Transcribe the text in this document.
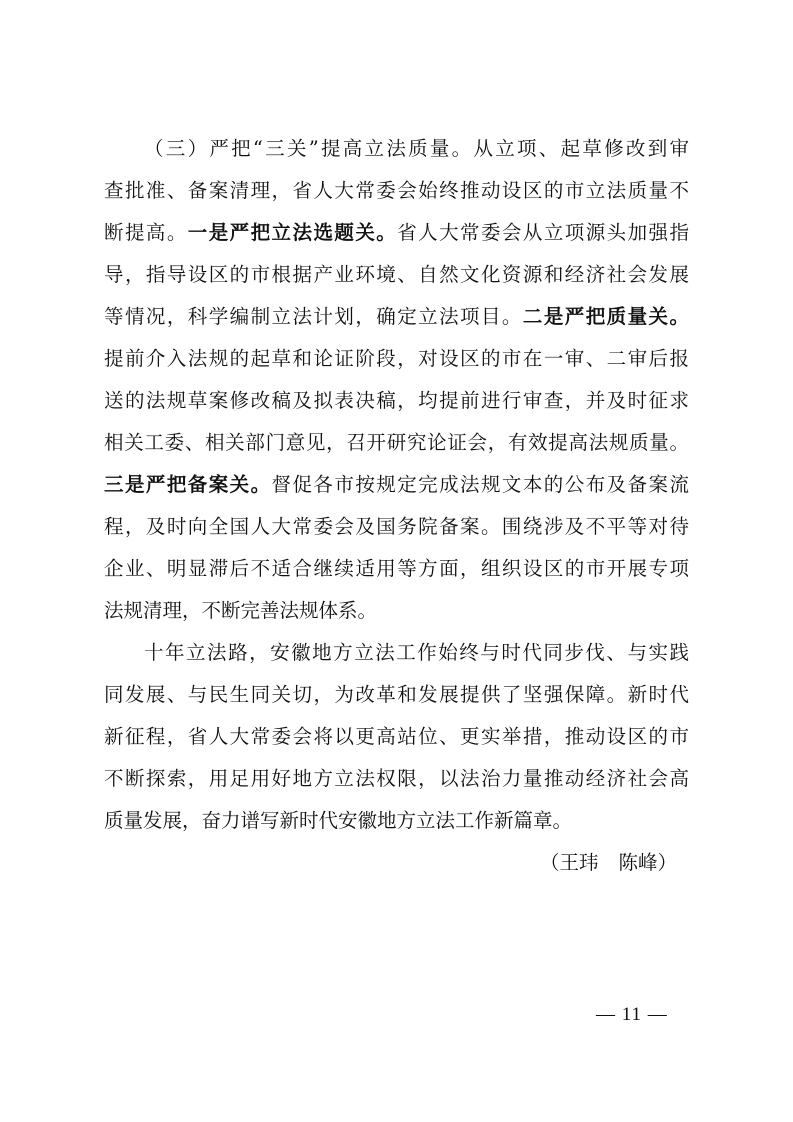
（三）严把“三关”提高立法质量。从立项、起草修改到审
查批准、备案清理，省人大常委会始终推动设区的市立法质量不
断提高。一是严把立法选题关。省人大常委会从立项源头加强指
导，指导设区的市根据产业环境、自然文化资源和经济社会发展
等情况，科学编制立法计划，确定立法项目。二是严把质量关。
提前介入法规的起草和论证阶段，对设区的市在一审、二审后报
送的法规草案修改稿及拟表决稿，均提前进行审查，并及时征求
相关工委、相关部门意见，召开研究论证会，有效提高法规质量。
三是严把备案关。督促各市按规定完成法规文本的公布及备案流
程，及时向全国人大常委会及国务院备案。围绕涉及不平等对待
企业、明显滞后不适合继续适用等方面，组织设区的市开展专项
法规清理，不断完善法规体系。
十年立法路，安徽地方立法工作始终与时代同步伐、与实践
同发展、与民生同关切，为改革和发展提供了坚强保障。新时代
新征程，省人大常委会将以更高站位、更实举措，推动设区的市
不断探索，用足用好地方立法权限，以法治力量推动经济社会高
质量发展，奋力谱写新时代安徽地方立法工作新篇章。
（王玮 陈峰）
— 11 —
